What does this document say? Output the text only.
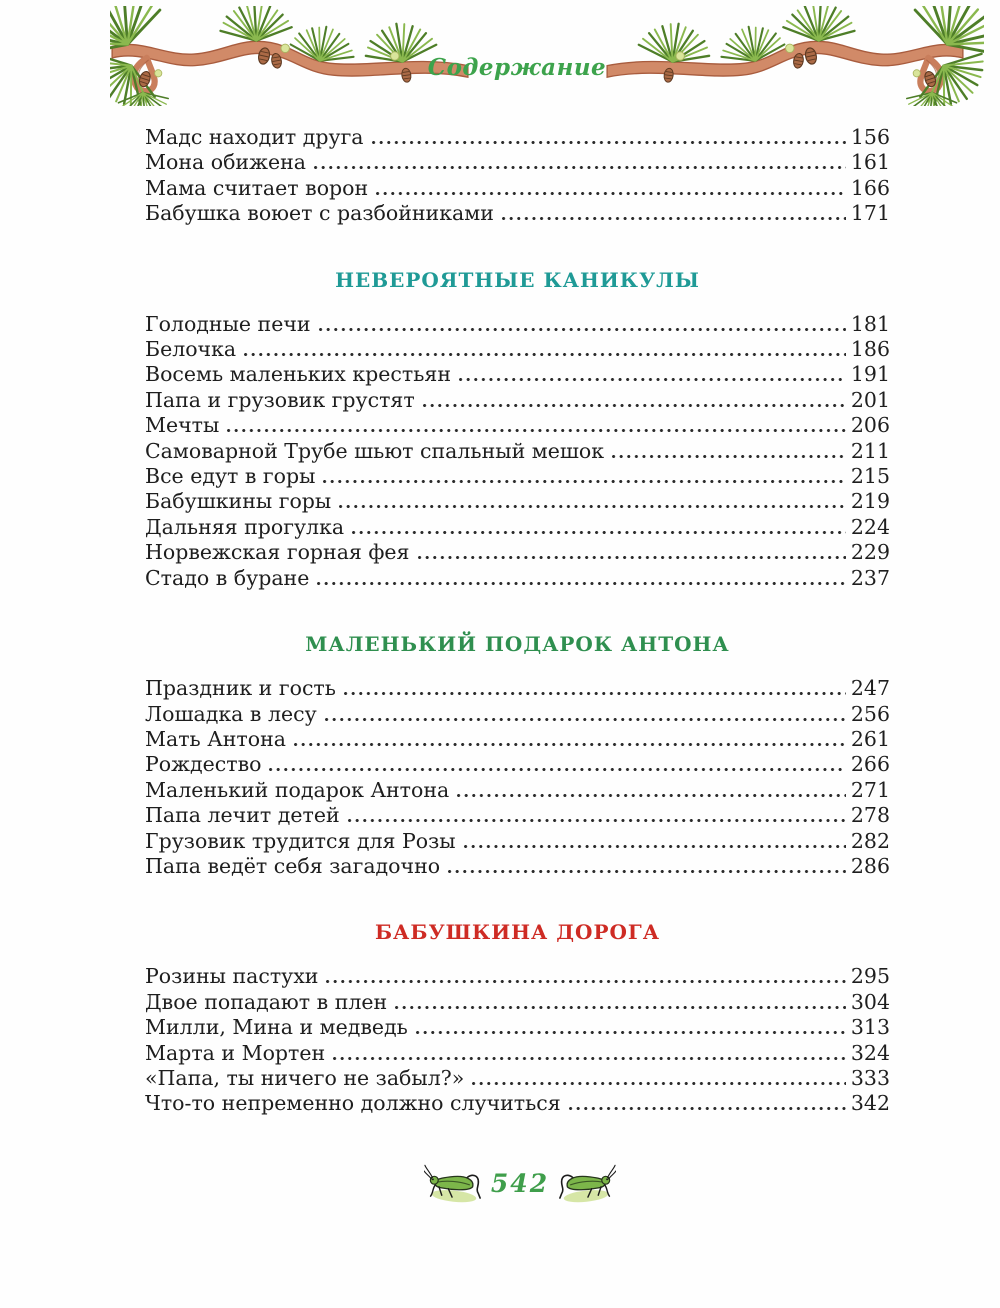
Содержание
Мадс находит друга	156
Мона обижена	161
Мама считает ворон	166
Бабушка воюет с разбойниками	171
НЕВЕРОЯТНЫЕ КАНИКУЛЫ
Голодные печи	181
Белочка	186
Восемь маленьких крестьян	191
Папа и грузовик грустят	201
Мечты	206
Самоварной Трубе шьют спальный мешок	211
Все едут в горы	215
Бабушкины горы	219
Дальняя прогулка	224
Норвежская горная фея	229
Стадо в буране	237
МАЛЕНЬКИЙ ПОДАРОК АНТОНА
Праздник и гость	247
Лошадка в лесу	256
Мать Антона	261
Рождество	266
Маленький подарок Антона	271
Папа лечит детей	278
Грузовик трудится для Розы	282
Папа ведёт себя загадочно	286
БАБУШКИНА ДОРОГА
Розины пастухи	295
Двое попадают в плен	304
Милли, Мина и медведь	313
Марта и Мортен	324
«Папа, ты ничего не забыл?»	333
Что-то непременно должно случиться	342
542
